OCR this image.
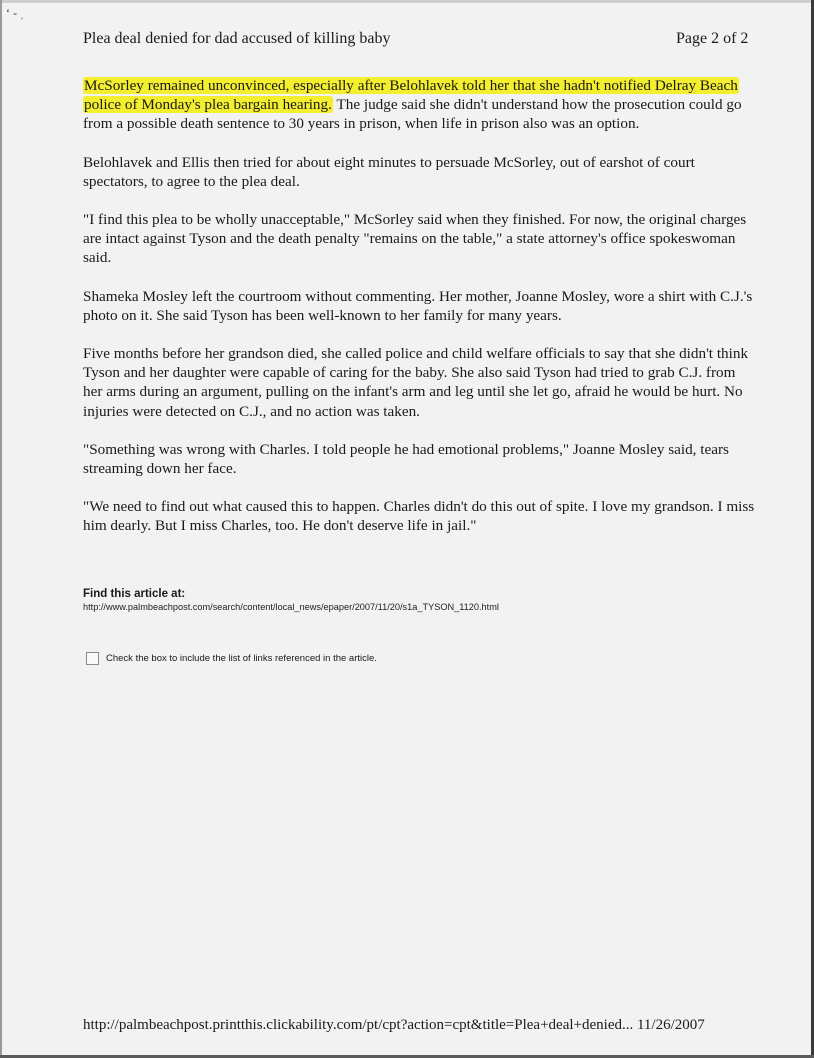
ʻ - ˌ
Plea deal denied for dad accused of killing baby	Page 2 of 2

McSorley remained unconvinced, especially after Belohlavek told her that she hadn't notified Delray Beach police of Monday's plea bargain hearing. The judge said she didn't understand how the prosecution could go from a possible death sentence to 30 years in prison, when life in prison also was an option.

Belohlavek and Ellis then tried for about eight minutes to persuade McSorley, out of earshot of court spectators, to agree to the plea deal.

"I find this plea to be wholly unacceptable," McSorley said when they finished. For now, the original charges are intact against Tyson and the death penalty "remains on the table," a state attorney's office spokeswoman said.

Shameka Mosley left the courtroom without commenting. Her mother, Joanne Mosley, wore a shirt with C.J.'s photo on it. She said Tyson has been well-known to her family for many years.

Five months before her grandson died, she called police and child welfare officials to say that she didn't think Tyson and her daughter were capable of caring for the baby. She also said Tyson had tried to grab C.J. from her arms during an argument, pulling on the infant's arm and leg until she let go, afraid he would be hurt. No injuries were detected on C.J., and no action was taken.

"Something was wrong with Charles. I told people he had emotional problems," Joanne Mosley said, tears streaming down her face.

"We need to find out what caused this to happen. Charles didn't do this out of spite. I love my grandson. I miss him dearly. But I miss Charles, too. He don't deserve life in jail."

Find this article at:
http://www.palmbeachpost.com/search/content/local_news/epaper/2007/11/20/s1a_TYSON_1120.html
Check the box to include the list of links referenced in the article.
http://palmbeachpost.printthis.clickability.com/pt/cpt?action=cpt&title=Plea+deal+denied... 11/26/2007
